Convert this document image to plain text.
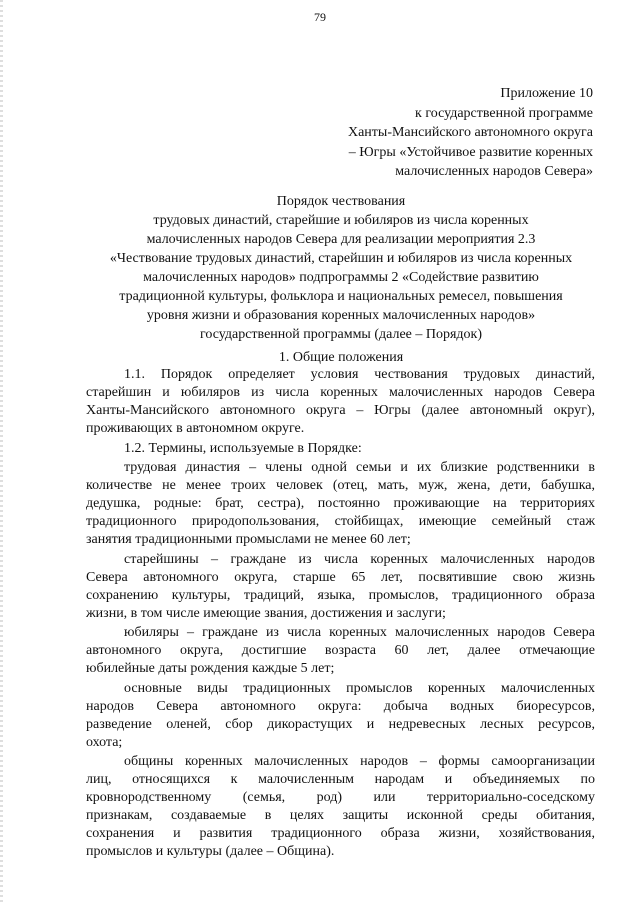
79
Приложение 10
к государственной программе
Ханты-Мансийского автономного округа
– Югры «Устойчивое развитие коренных
малочисленных народов Севера»
Порядок чествования
трудовых династий, старейшие и юбиляров из числа коренных
малочисленных народов Севера для реализации мероприятия 2.3
«Чествование трудовых династий, старейшин и юбиляров из числа коренных
малочисленных народов» подпрограммы 2 «Содействие развитию
традиционной культуры, фольклора и национальных ремесел, повышения
уровня жизни и образования коренных малочисленных народов»
государственной программы (далее – Порядок)
1. Общие положения
1.1. Порядок определяет условия чествования трудовых династий,
старейшин и юбиляров из числа коренных малочисленных народов Севера
Ханты-Мансийского автономного округа – Югры (далее автономный округ),
проживающих в автономном округе.
1.2. Термины, используемые в Порядке:
трудовая династия – члены одной семьи и их близкие родственники в
количестве не менее троих человек (отец, мать, муж, жена, дети, бабушка,
дедушка, родные: брат, сестра), постоянно проживающие на территориях
традиционного природопользования, стойбищах, имеющие семейный стаж
занятия традиционными промыслами не менее 60 лет;
старейшины – граждане из числа коренных малочисленных народов
Севера автономного округа, старше 65 лет, посвятившие свою жизнь
сохранению культуры, традиций, языка, промыслов, традиционного образа
жизни, в том числе имеющие звания, достижения и заслуги;
юбиляры – граждане из числа коренных малочисленных народов Севера
автономного округа, достигшие возраста 60 лет, далее отмечающие
юбилейные даты рождения каждые 5 лет;
основные виды традиционных промыслов коренных малочисленных
народов Севера автономного округа: добыча водных биоресурсов,
разведение оленей, сбор дикорастущих и недревесных лесных ресурсов,
охота;
общины коренных малочисленных народов – формы самоорганизации
лиц, относящихся к малочисленным народам и объединяемых по
кровнородственному (семья, род) или территориально-соседскому
признакам, создаваемые в целях защиты исконной среды обитания,
сохранения и развития традиционного образа жизни, хозяйствования,
промыслов и культуры (далее – Община).
